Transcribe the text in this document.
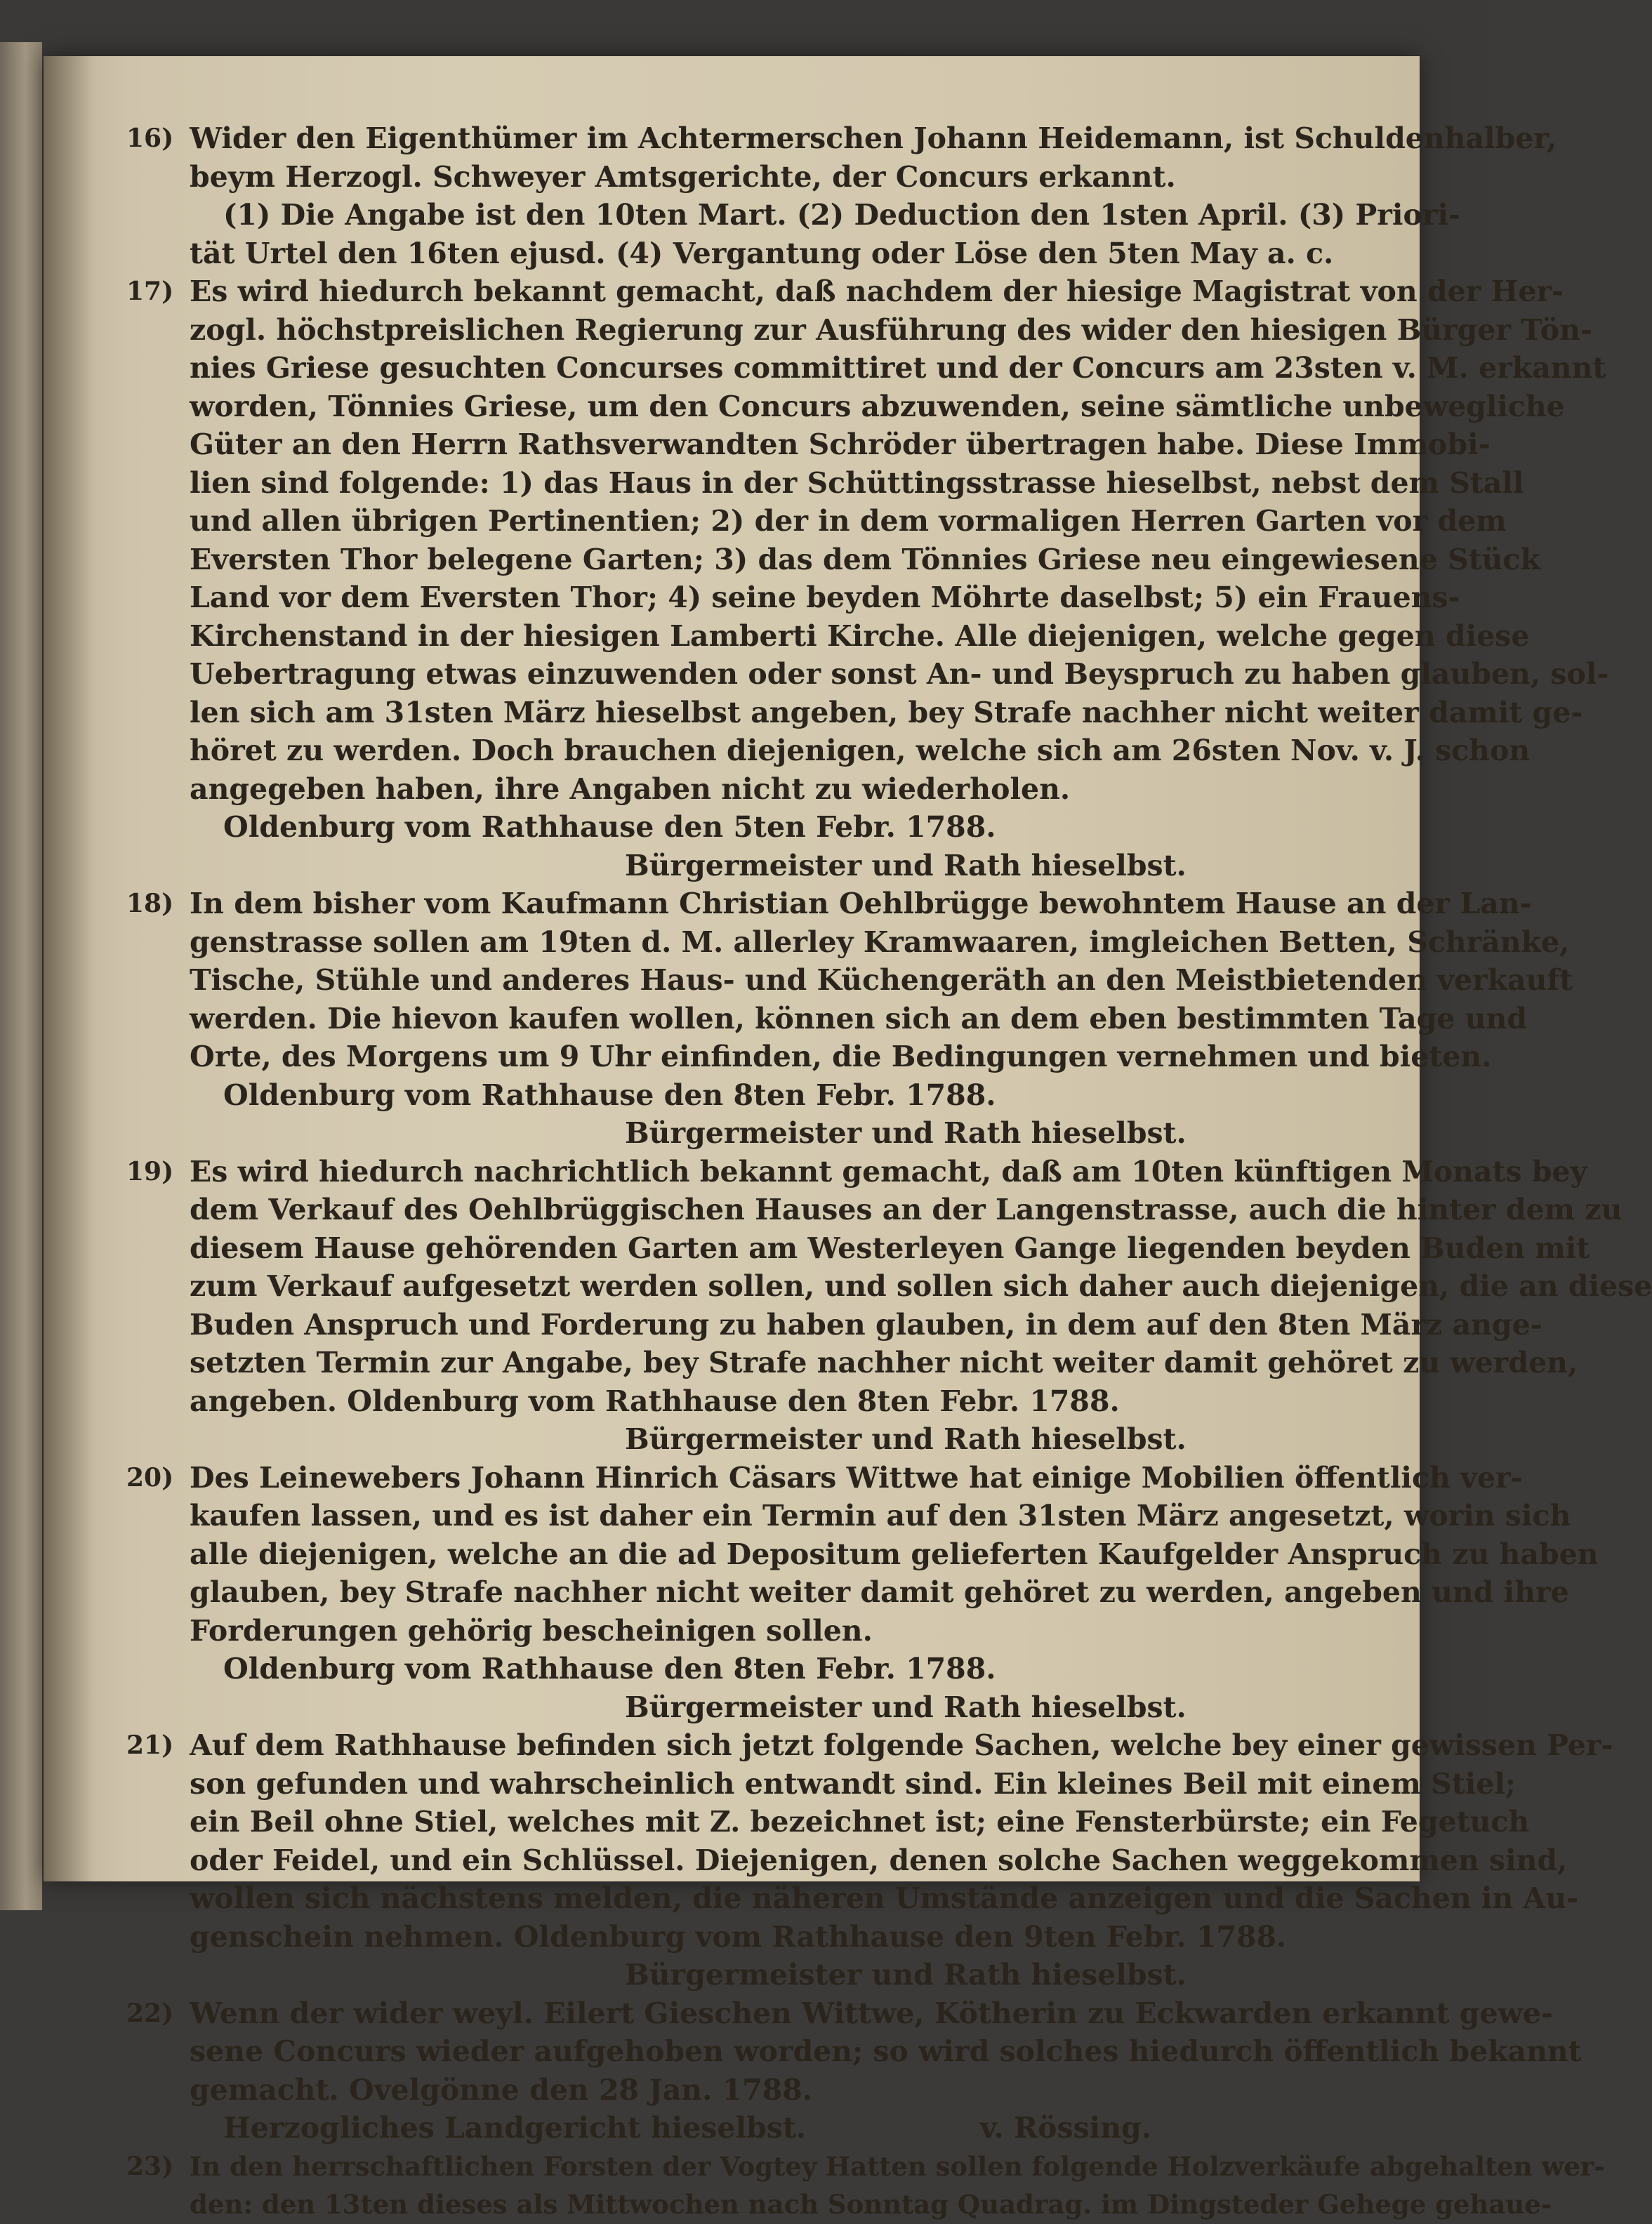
16) Wider den Eigenthümer im Achtermerschen Johann Heidemann, ist Schuldenhalber,
beym Herzogl. Schweyer Amtsgerichte, der Concurs erkannt.
(1) Die Angabe ist den 10ten Mart. (2) Deduction den 1sten April. (3) Priori-
tät Urtel den 16ten ejusd. (4) Vergantung oder Löse den 5ten May a. c.
17) Es wird hiedurch bekannt gemacht, daß nachdem der hiesige Magistrat von der Her-
zogl. höchstpreislichen Regierung zur Ausführung des wider den hiesigen Bürger Tön-
nies Griese gesuchten Concurses committiret und der Concurs am 23sten v. M. erkannt
worden, Tönnies Griese, um den Concurs abzuwenden, seine sämtliche unbewegliche
Güter an den Herrn Rathsverwandten Schröder übertragen habe. Diese Immobi-
lien sind folgende: 1) das Haus in der Schüttingsstrasse hieselbst, nebst dem Stall
und allen übrigen Pertinentien; 2) der in dem vormaligen Herren Garten vor dem
Eversten Thor belegene Garten; 3) das dem Tönnies Griese neu eingewiesene Stück
Land vor dem Eversten Thor; 4) seine beyden Möhrte daselbst; 5) ein Frauens-
Kirchenstand in der hiesigen Lamberti Kirche. Alle diejenigen, welche gegen diese
Uebertragung etwas einzuwenden oder sonst An- und Beyspruch zu haben glauben, sol-
len sich am 31sten März hieselbst angeben, bey Strafe nachher nicht weiter damit ge-
höret zu werden. Doch brauchen diejenigen, welche sich am 26sten Nov. v. J. schon
angegeben haben, ihre Angaben nicht zu wiederholen.
Oldenburg vom Rathhause den 5ten Febr. 1788.
Bürgermeister und Rath hieselbst.
18) In dem bisher vom Kaufmann Christian Oehlbrügge bewohntem Hause an der Lan-
genstrasse sollen am 19ten d. M. allerley Kramwaaren, imgleichen Betten, Schränke,
Tische, Stühle und anderes Haus- und Küchengeräth an den Meistbietenden verkauft
werden. Die hievon kaufen wollen, können sich an dem eben bestimmten Tage und
Orte, des Morgens um 9 Uhr einfinden, die Bedingungen vernehmen und bieten.
Oldenburg vom Rathhause den 8ten Febr. 1788.
Bürgermeister und Rath hieselbst.
19) Es wird hiedurch nachrichtlich bekannt gemacht, daß am 10ten künftigen Monats bey
dem Verkauf des Oehlbrüggischen Hauses an der Langenstrasse, auch die hinter dem zu
diesem Hause gehörenden Garten am Westerleyen Gange liegenden beyden Buden mit
zum Verkauf aufgesetzt werden sollen, und sollen sich daher auch diejenigen, die an diese
Buden Anspruch und Forderung zu haben glauben, in dem auf den 8ten März ange-
setzten Termin zur Angabe, bey Strafe nachher nicht weiter damit gehöret zu werden,
angeben. Oldenburg vom Rathhause den 8ten Febr. 1788.
Bürgermeister und Rath hieselbst.
20) Des Leinewebers Johann Hinrich Cäsars Wittwe hat einige Mobilien öffentlich ver-
kaufen lassen, und es ist daher ein Termin auf den 31sten März angesetzt, worin sich
alle diejenigen, welche an die ad Depositum gelieferten Kaufgelder Anspruch zu haben
glauben, bey Strafe nachher nicht weiter damit gehöret zu werden, angeben und ihre
Forderungen gehörig bescheinigen sollen.
Oldenburg vom Rathhause den 8ten Febr. 1788.
Bürgermeister und Rath hieselbst.
21) Auf dem Rathhause befinden sich jetzt folgende Sachen, welche bey einer gewissen Per-
son gefunden und wahrscheinlich entwandt sind. Ein kleines Beil mit einem Stiel;
ein Beil ohne Stiel, welches mit Z. bezeichnet ist; eine Fensterbürste; ein Fegetuch
oder Feidel, und ein Schlüssel. Diejenigen, denen solche Sachen weggekommen sind,
wollen sich nächstens melden, die näheren Umstände anzeigen und die Sachen in Au-
genschein nehmen. Oldenburg vom Rathhause den 9ten Febr. 1788.
Bürgermeister und Rath hieselbst.
22) Wenn der wider weyl. Eilert Gieschen Wittwe, Kötherin zu Eckwarden erkannt gewe-
sene Concurs wieder aufgehoben worden; so wird solches hiedurch öffentlich bekannt
gemacht. Ovelgönne den 28 Jan. 1788.
Herzogliches Landgericht hieselbst.	v. Rössing.
23) In den herrschaftlichen Forsten der Vogtey Hatten sollen folgende Holzverkäufe abgehalten wer-
den: den 13ten dieses als Mittwochen nach Sonntag Quadrag. im Dingsteder Gehege gehaue-
